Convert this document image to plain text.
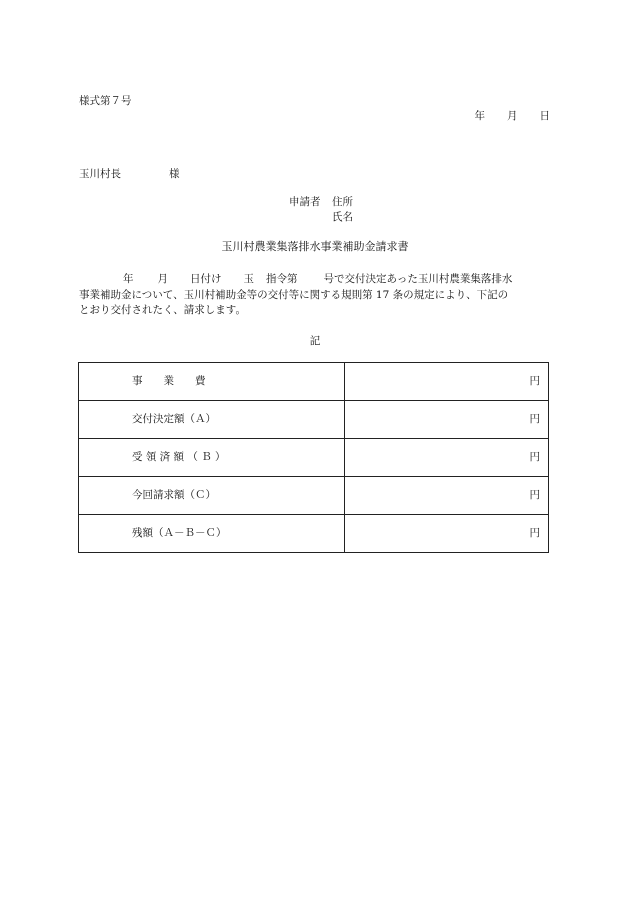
様式第７号
年 月 日
玉川村長	様
申請者	住所
氏名
玉川村農業集落排水事業補助金請求書
年 月 日付け 玉 指令第 号で交付決定あった玉川村農業集落排水
事業補助金について、玉川村補助金等の交付等に関する規則第 17 条の規定により、下記の
とおり交付されたく、請求します。
記
事　　業　　費	円
交付決定額（Ａ）	円
受 領 済 額 （ Ｂ ）	円
今回請求額（Ｃ）	円
残額（Ａ－Ｂ－Ｃ）	円
